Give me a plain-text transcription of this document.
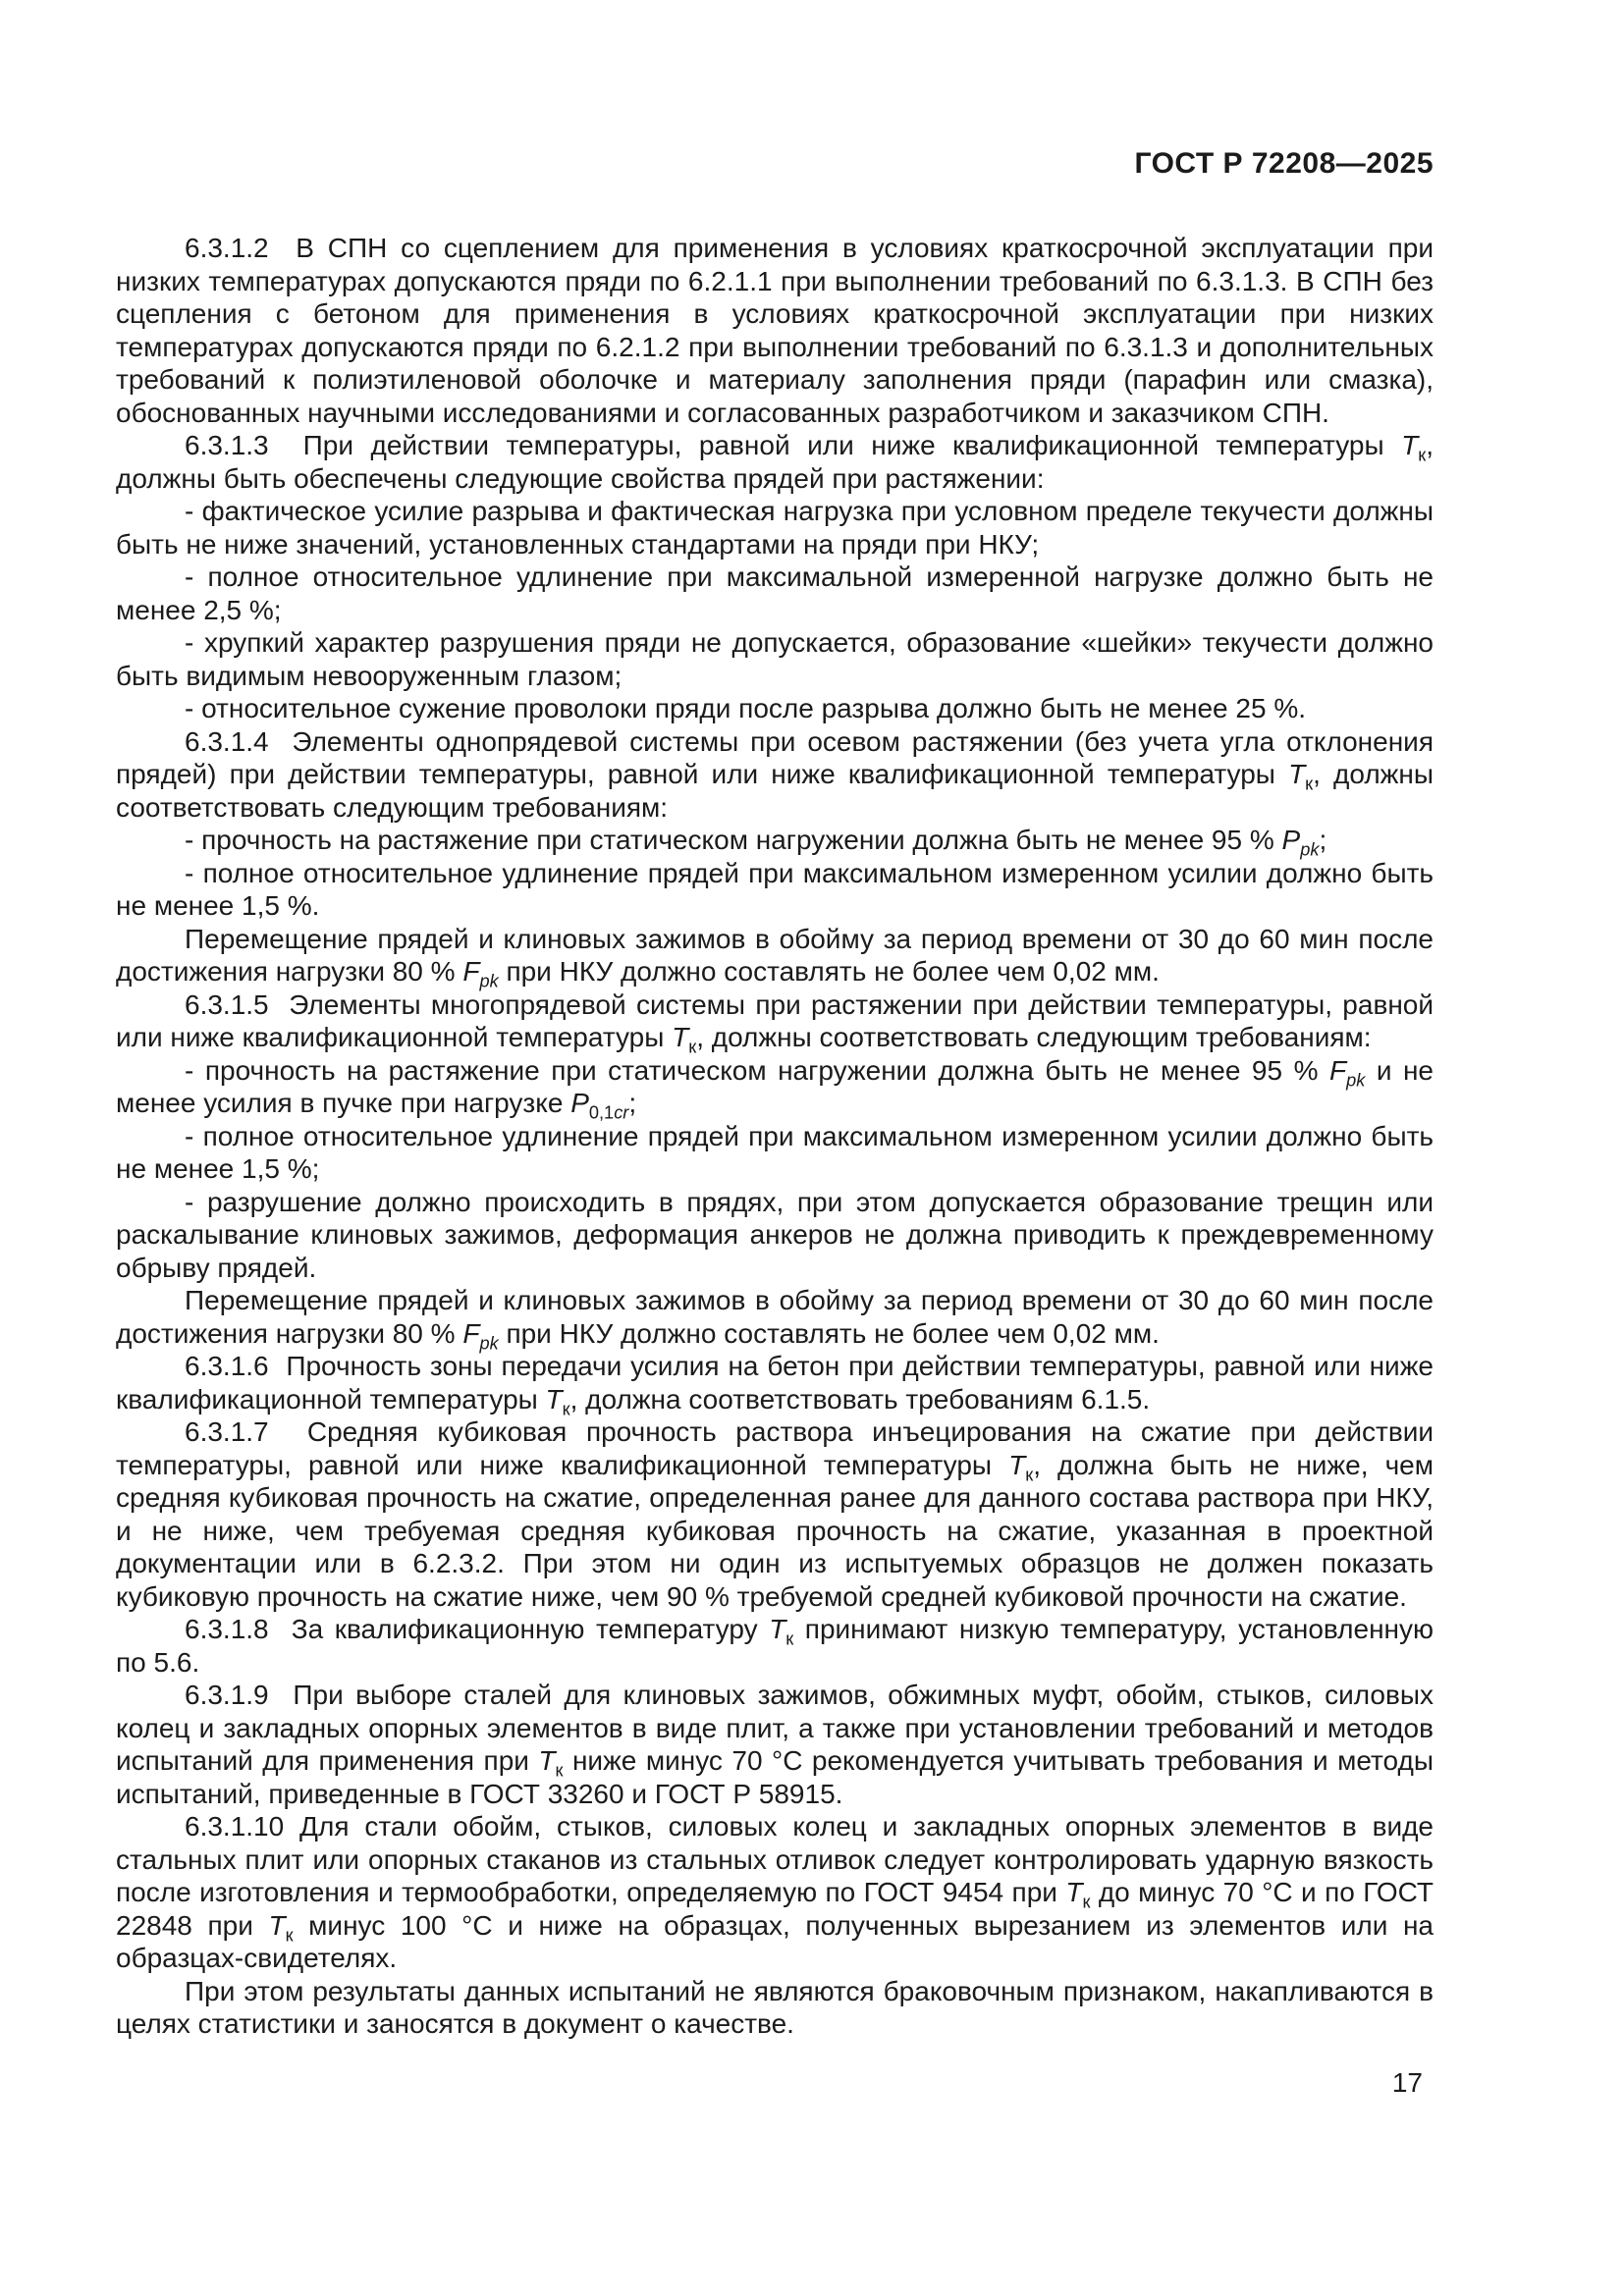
ГОСТ Р 72208—2025

6.3.1.2  В СПН со сцеплением для применения в условиях краткосрочной эксплуатации при низких температурах допускаются пряди по 6.2.1.1 при выполнении требований по 6.3.1.3. В СПН без сцепления с бетоном для применения в условиях краткосрочной эксплуатации при низких температурах допускаются пряди по 6.2.1.2 при выполнении требований по 6.3.1.3 и дополнительных требований к полиэтиленовой оболочке и материалу заполнения пряди (парафин или смазка), обоснованных научными исследованиями и согласованных разработчиком и заказчиком СПН.

6.3.1.3  При действии температуры, равной или ниже квалификационной температуры $Т_к$, должны быть обеспечены следующие свойства прядей при растяжении:

- фактическое усилие разрыва и фактическая нагрузка при условном пределе текучести должны быть не ниже значений, установленных стандартами на пряди при НКУ;

- полное относительное удлинение при максимальной измеренной нагрузке должно быть не менее 2,5 %;

- хрупкий характер разрушения пряди не допускается, образование «шейки» текучести должно быть видимым невооруженным глазом;

- относительное сужение проволоки пряди после разрыва должно быть не менее 25 %.

6.3.1.4  Элементы однопрядевой системы при осевом растяжении (без учета угла отклонения прядей) при действии температуры, равной или ниже квалификационной температуры $Т_к$, должны соответствовать следующим требованиям:

- прочность на растяжение при статическом нагружении должна быть не менее 95 % $P_{pk}$;

- полное относительное удлинение прядей при максимальном измеренном усилии должно быть не менее 1,5 %.

Перемещение прядей и клиновых зажимов в обойму за период времени от 30 до 60 мин после достижения нагрузки 80 % $F_{pk}$ при НКУ должно составлять не более чем 0,02 мм.

6.3.1.5  Элементы многопрядевой системы при растяжении при действии температуры, равной или ниже квалификационной температуры $Т_к$, должны соответствовать следующим требованиям:

- прочность на растяжение при статическом нагружении должна быть не менее 95 % $F_{pk}$ и не менее усилия в пучке при нагрузке $P_{0,1cr}$;

- полное относительное удлинение прядей при максимальном измеренном усилии должно быть не менее 1,5 %;

- разрушение должно происходить в прядях, при этом допускается образование трещин или раскалывание клиновых зажимов, деформация анкеров не должна приводить к преждевременному обрыву прядей.

Перемещение прядей и клиновых зажимов в обойму за период времени от 30 до 60 мин после достижения нагрузки 80 % $F_{pk}$ при НКУ должно составлять не более чем 0,02 мм.

6.3.1.6  Прочность зоны передачи усилия на бетон при действии температуры, равной или ниже квалификационной температуры $Т_к$, должна соответствовать требованиям 6.1.5.

6.3.1.7  Средняя кубиковая прочность раствора инъецирования на сжатие при действии температуры, равной или ниже квалификационной температуры $Т_к$, должна быть не ниже, чем средняя кубиковая прочность на сжатие, определенная ранее для данного состава раствора при НКУ, и не ниже, чем требуемая средняя кубиковая прочность на сжатие, указанная в проектной документации или в 6.2.3.2. При этом ни один из испытуемых образцов не должен показать кубиковую прочность на сжатие ниже, чем 90 % требуемой средней кубиковой прочности на сжатие.

6.3.1.8  За квалификационную температуру $Т_к$ принимают низкую температуру, установленную по 5.6.

6.3.1.9  При выборе сталей для клиновых зажимов, обжимных муфт, обойм, стыков, силовых колец и закладных опорных элементов в виде плит, а также при установлении требований и методов испытаний для применения при $Т_к$ ниже минус 70 °С рекомендуется учитывать требования и методы испытаний, приведенные в ГОСТ 33260 и ГОСТ Р 58915.

6.3.1.10 Для стали обойм, стыков, силовых колец и закладных опорных элементов в виде стальных плит или опорных стаканов из стальных отливок следует контролировать ударную вязкость после изготовления и термообработки, определяемую по ГОСТ 9454 при $Т_к$ до минус 70 °С и по ГОСТ 22848 при $Т_к$ минус 100 °С и ниже на образцах, полученных вырезанием из элементов или на образцах-свидетелях.

При этом результаты данных испытаний не являются браковочным признаком, накапливаются в целях статистики и заносятся в документ о качестве.

17
